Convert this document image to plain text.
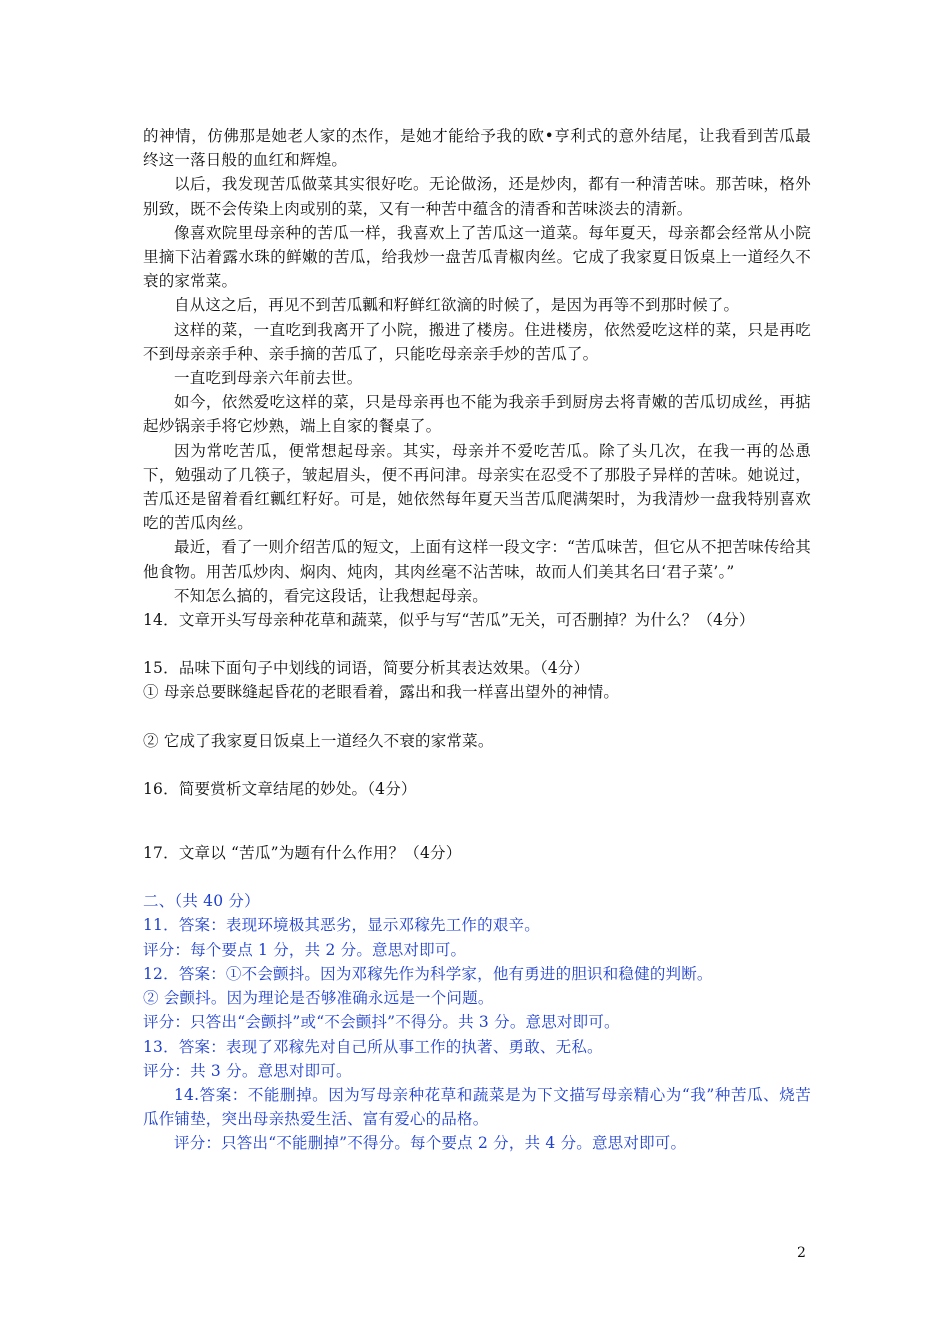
的神情，仿佛那是她老人家的杰作，是她才能给予我的欧•亨利式的意外结尾，让我看到苦瓜最终这一落日般的血红和辉煌。

以后，我发现苦瓜做菜其实很好吃。无论做汤，还是炒肉，都有一种清苦味。那苦味，格外别致，既不会传染上肉或别的菜，又有一种苦中蕴含的清香和苦味淡去的清新。

像喜欢院里母亲种的苦瓜一样，我喜欢上了苦瓜这一道菜。每年夏天，母亲都会经常从小院里摘下沾着露水珠的鲜嫩的苦瓜，给我炒一盘苦瓜青椒肉丝。它成了我家夏日饭桌上一道经久不衰的家常菜。

自从这之后，再见不到苦瓜瓤和籽鲜红欲滴的时候了，是因为再等不到那时候了。

这样的菜，一直吃到我离开了小院，搬进了楼房。住进楼房，依然爱吃这样的菜，只是再吃不到母亲亲手种、亲手摘的苦瓜了，只能吃母亲亲手炒的苦瓜了。

一直吃到母亲六年前去世。

如今，依然爱吃这样的菜，只是母亲再也不能为我亲手到厨房去将青嫩的苦瓜切成丝，再掂起炒锅亲手将它炒熟，端上自家的餐桌了。

因为常吃苦瓜，便常想起母亲。其实，母亲并不爱吃苦瓜。除了头几次，在我一再的怂恿下，勉强动了几筷子，皱起眉头，便不再问津。母亲实在忍受不了那股子异样的苦味。她说过，苦瓜还是留着看红瓤红籽好。可是，她依然每年夏天当苦瓜爬满架时，为我清炒一盘我特别喜欢吃的苦瓜肉丝。

最近，看了一则介绍苦瓜的短文，上面有这样一段文字：“苦瓜味苦，但它从不把苦味传给其他食物。用苦瓜炒肉、焖肉、炖肉，其肉丝毫不沾苦味，故而人们美其名曰‘君子菜’。”

不知怎么搞的，看完这段话，让我想起母亲。

14．文章开头写母亲种花草和蔬菜，似乎与写“苦瓜”无关，可否删掉？为什么？（4分）

15．品味下面句子中划线的词语，简要分析其表达效果。（4分）

① 母亲总要眯缝起昏花的老眼看着，露出和我一样喜出望外的神情。

② 它成了我家夏日饭桌上一道经久不衰的家常菜。

16．简要赏析文章结尾的妙处。（4分）

17．文章以 “苦瓜”为题有什么作用？（4分）

二、（共 40 分）

11．答案：表现环境极其恶劣，显示邓稼先工作的艰辛。

评分：每个要点 1 分，共 2 分。意思对即可。

12．答案：①不会颤抖。因为邓稼先作为科学家，他有勇进的胆识和稳健的判断。

② 会颤抖。因为理论是否够准确永远是一个问题。

评分：只答出“会颤抖”或“不会颤抖”不得分。共 3 分。意思对即可。

13．答案：表现了邓稼先对自己所从事工作的执著、勇敢、无私。

评分：共 3 分。意思对即可。

14.答案：不能删掉。因为写母亲种花草和蔬菜是为下文描写母亲精心为“我”种苦瓜、烧苦瓜作铺垫，突出母亲热爱生活、富有爱心的品格。

评分：只答出“不能删掉”不得分。每个要点 2 分，共 4 分。意思对即可。

2
